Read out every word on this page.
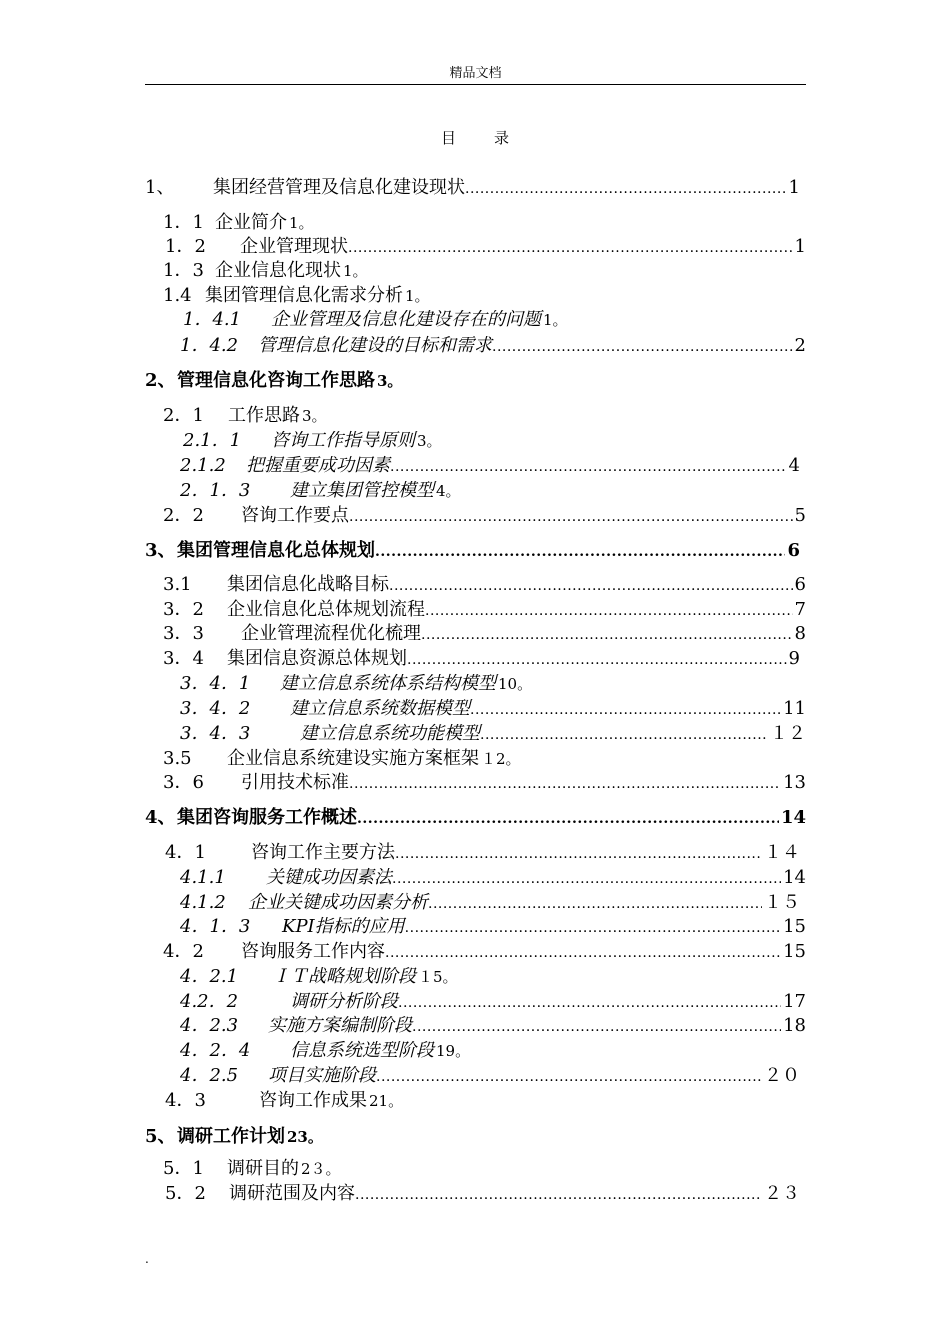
精品文档
目录
1、	集团经营管理及信息化建设现状 .....	1
1．1 企业简介 1。
1．2	企业管理现状 .....	1
1．3 企业信息化现状 1。
1.4 集团管理信息化需求分析 1。
1．4.1	企业管理及信息化建设存在的问题 1。
1．4.2	管理信息化建设的目标和需求 .....	2
2、 管理信息化咨询工作思路 3。
2．1	工作思路 3。
2.1．1	咨询工作指导原则 3。
2.1.2	把握重要成功因素 .....	4
2．1．3	建立集团管控模型 4。
2．2	咨询工作要点 .....	5
3、 集团管理信息化总体规划 .....	6
3.1	集团信息化战略目标 .....	6
3．2	企业信息化总体规划流程 .....	7
3．3	企业管理流程优化梳理 .....	8
3．4	集团信息资源总体规划 .....	9
3．4．1	建立信息系统体系结构模型 10。
3．4．2	建立信息系统数据模型 .....	11
3．4．3	建立信息系统功能模型 .....	１２
3.5	企业信息系统建设实施方案框架 １2。
3．6	引用技术标准 .....	13
4、 集团咨询服务工作概述 .....	14
4．1	咨询工作主要方法 .....	１４
4.1.1	关键成功因素法 .....	14
4.1.2	企业关键成功因素分析 .....	１５
4．1．3	KPI指标的应用 .....	15
4．2	咨询服务工作内容 .....	15
4．2.1	ＩＴ战略规划阶段 １5。
4.2．2	调研分析阶段 .....	17
4．2.3	实施方案编制阶段 .....	18
4．2．4	信息系统选型阶段 19。
4．2.5	项目实施阶段 .....	２０
4．3	咨询工作成果 21。
5、 调研工作计划 23。
5．1	调研目的 2３。
5．2	调研范围及内容 .....	２３
.
